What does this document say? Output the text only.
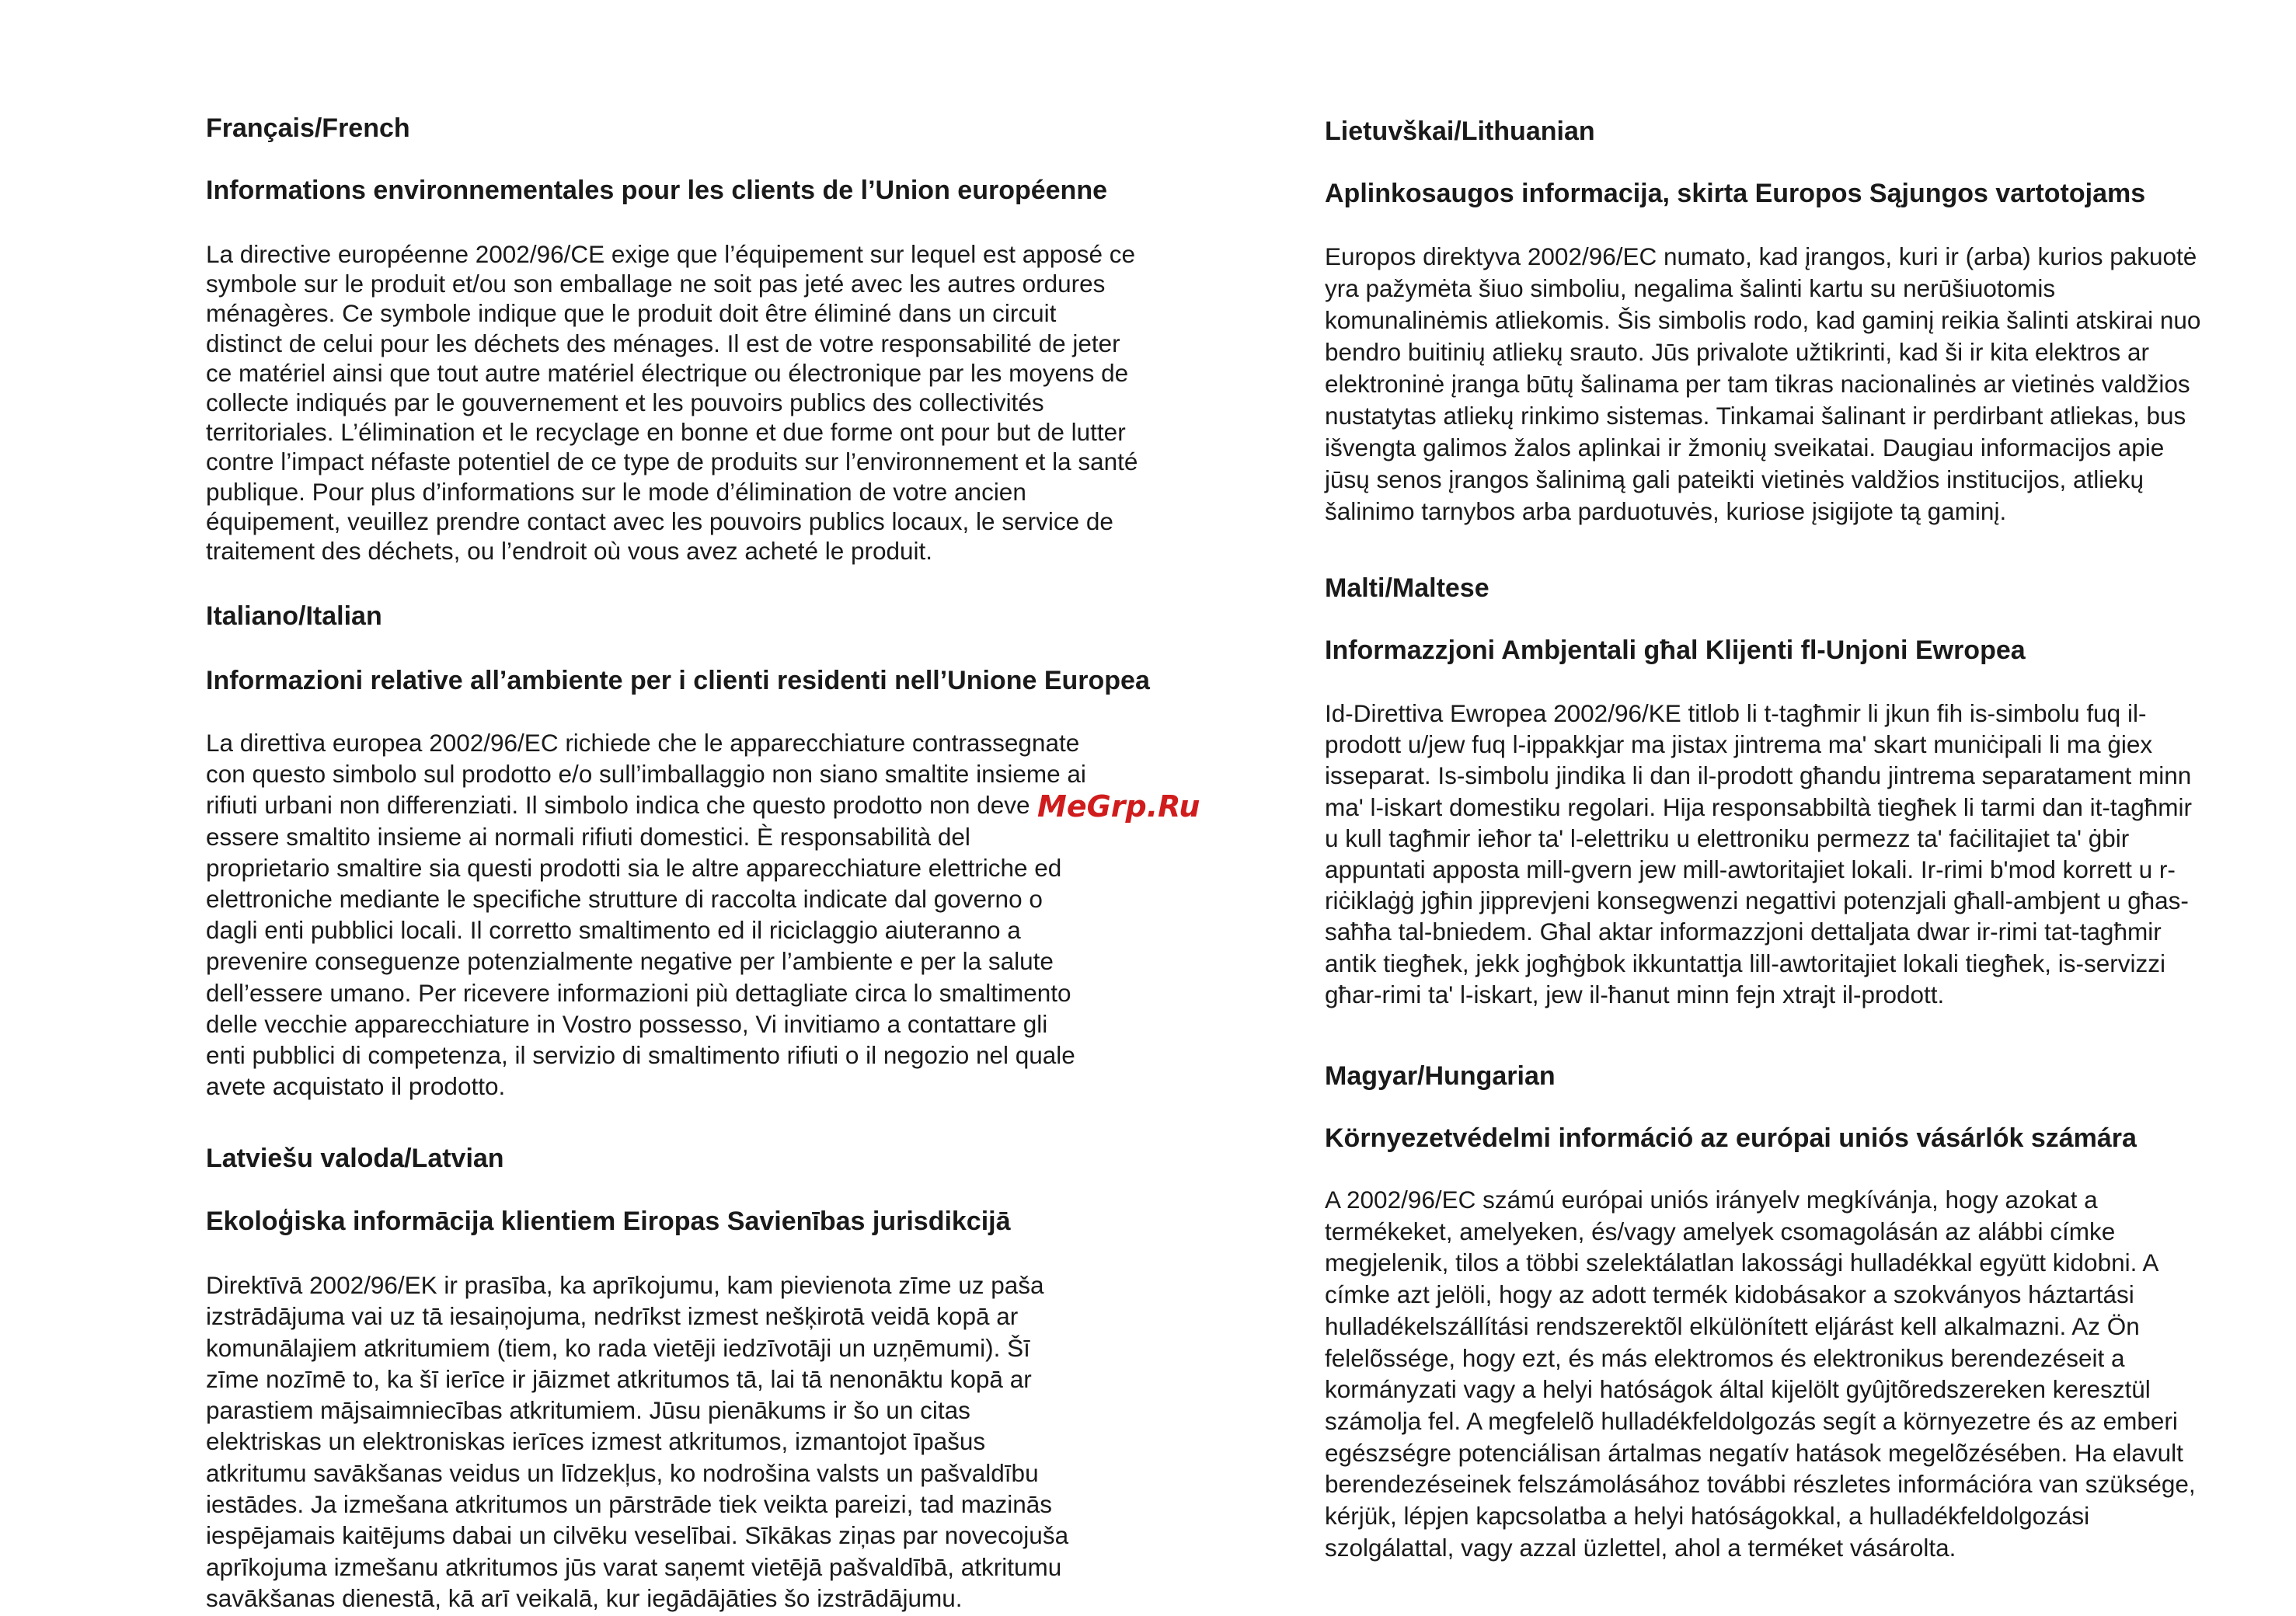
Français/French
Informations environnementales pour les clients de l’Union européenne

La directive européenne 2002/96/CE exige que l’équipement sur lequel est apposé ce
symbole sur le produit et/ou son emballage ne soit pas jeté avec les autres ordures
ménagères. Ce symbole indique que le produit doit être éliminé dans un circuit
distinct de celui pour les déchets des ménages. Il est de votre responsabilité de jeter
ce matériel ainsi que tout autre matériel électrique ou électronique par les moyens de
collecte indiqués par le gouvernement et les pouvoirs publics des collectivités
territoriales. L’élimination et le recyclage en bonne et due forme ont pour but de lutter
contre l’impact néfaste potentiel de ce type de produits sur l’environnement et la santé
publique. Pour plus d’informations sur le mode d’élimination de votre ancien
équipement, veuillez prendre contact avec les pouvoirs publics locaux, le service de
traitement des déchets, ou l’endroit où vous avez acheté le produit.

Italiano/Italian
Informazioni relative all’ambiente per i clienti residenti nell’Unione Europea

La direttiva europea 2002/96/EC richiede che le apparecchiature contrassegnate
con questo simbolo sul prodotto e/o sull’imballaggio non siano smaltite insieme ai
rifiuti urbani non differenziati. Il simbolo indica che questo prodotto non deve
essere smaltito insieme ai normali rifiuti domestici. È responsabilità del
proprietario smaltire sia questi prodotti sia le altre apparecchiature elettriche ed
elettroniche mediante le specifiche strutture di raccolta indicate dal governo o
dagli enti pubblici locali. Il corretto smaltimento ed il riciclaggio aiuteranno a
prevenire conseguenze potenzialmente negative per l’ambiente e per la salute
dell’essere umano. Per ricevere informazioni più dettagliate circa lo smaltimento
delle vecchie apparecchiature in Vostro possesso, Vi invitiamo a contattare gli
enti pubblici di competenza, il servizio di smaltimento rifiuti o il negozio nel quale
avete acquistato il prodotto.

Latviešu valoda/Latvian
Ekoloģiska informācija klientiem Eiropas Savienības jurisdikcijā

Direktīvā 2002/96/EK ir prasība, ka aprīkojumu, kam pievienota zīme uz paša
izstrādājuma vai uz tā iesaiņojuma, nedrīkst izmest nešķirotā veidā kopā ar
komunālajiem atkritumiem (tiem, ko rada vietēji iedzīvotāji un uzņēmumi). Šī
zīme nozīmē to, ka šī ierīce ir jāizmet atkritumos tā, lai tā nenonāktu kopā ar
parastiem mājsaimniecības atkritumiem. Jūsu pienākums ir šo un citas
elektriskas un elektroniskas ierīces izmest atkritumos, izmantojot īpašus
atkritumu savākšanas veidus un līdzekļus, ko nodrošina valsts un pašvaldību
iestādes. Ja izmešana atkritumos un pārstrāde tiek veikta pareizi, tad mazinās
iespējamais kaitējums dabai un cilvēku veselībai. Sīkākas ziņas par novecojuša
aprīkojuma izmešanu atkritumos jūs varat saņemt vietējā pašvaldībā, atkritumu
savākšanas dienestā, kā arī veikalā, kur iegādājāties šo izstrādājumu.

Lietuvškai/Lithuanian
Aplinkosaugos informacija, skirta Europos Sąjungos vartotojams

Europos direktyva 2002/96/EC numato, kad įrangos, kuri ir (arba) kurios pakuotė
yra pažymėta šiuo simboliu, negalima šalinti kartu su nerūšiuotomis
komunalinėmis atliekomis. Šis simbolis rodo, kad gaminį reikia šalinti atskirai nuo
bendro buitinių atliekų srauto. Jūs privalote užtikrinti, kad ši ir kita elektros ar
elektroninė įranga būtų šalinama per tam tikras nacionalinės ar vietinės valdžios
nustatytas atliekų rinkimo sistemas. Tinkamai šalinant ir perdirbant atliekas, bus
išvengta galimos žalos aplinkai ir žmonių sveikatai. Daugiau informacijos apie
jūsų senos įrangos šalinimą gali pateikti vietinės valdžios institucijos, atliekų
šalinimo tarnybos arba parduotuvės, kuriose įsigijote tą gaminį.

Malti/Maltese
Informazzjoni Ambjentali għal Klijenti fl-Unjoni Ewropea

Id-Direttiva Ewropea 2002/96/KE titlob li t-tagħmir li jkun fih is-simbolu fuq il-
prodott u/jew fuq l-ippakkjar ma jistax jintrema ma' skart muniċipali li ma ġiex
isseparat. Is-simbolu jindika li dan il-prodott għandu jintrema separatament minn
ma' l-iskart domestiku regolari. Hija responsabbiltà tiegħek li tarmi dan it-tagħmir
u kull tagħmir ieħor ta' l-elettriku u elettroniku permezz ta' faċilitajiet ta' ġbir
appuntati apposta mill-gvern jew mill-awtoritajiet lokali. Ir-rimi b'mod korrett u r-
riċiklaġġ jgħin jipprevjeni konsegwenzi negattivi potenzjali għall-ambjent u għas-
saħħa tal-bniedem. Għal aktar informazzjoni dettaljata dwar ir-rimi tat-tagħmir
antik tiegħek, jekk jogħġbok ikkuntattja lill-awtoritajiet lokali tiegħek, is-servizzi
għar-rimi ta' l-iskart, jew il-ħanut minn fejn xtrajt il-prodott.

Magyar/Hungarian
Környezetvédelmi információ az európai uniós vásárlók számára

A 2002/96/EC számú európai uniós irányelv megkívánja, hogy azokat a
termékeket, amelyeken, és/vagy amelyek csomagolásán az alábbi címke
megjelenik, tilos a többi szelektálatlan lakossági hulladékkal együtt kidobni. A
címke azt jelöli, hogy az adott termék kidobásakor a szokványos háztartási
hulladékelszállítási rendszerektõl elkülönített eljárást kell alkalmazni. Az Ön
felelõssége, hogy ezt, és más elektromos és elektronikus berendezéseit a
kormányzati vagy a helyi hatóságok által kijelölt gyûjtõredszereken keresztül
számolja fel. A megfelelõ hulladékfeldolgozás segít a környezetre és az emberi
egészségre potenciálisan ártalmas negatív hatások megelõzésében. Ha elavult
berendezéseinek felszámolásához további részletes információra van szüksége,
kérjük, lépjen kapcsolatba a helyi hatóságokkal, a hulladékfeldolgozási
szolgálattal, vagy azzal üzlettel, ahol a terméket vásárolta.

MeGrp.Ru
